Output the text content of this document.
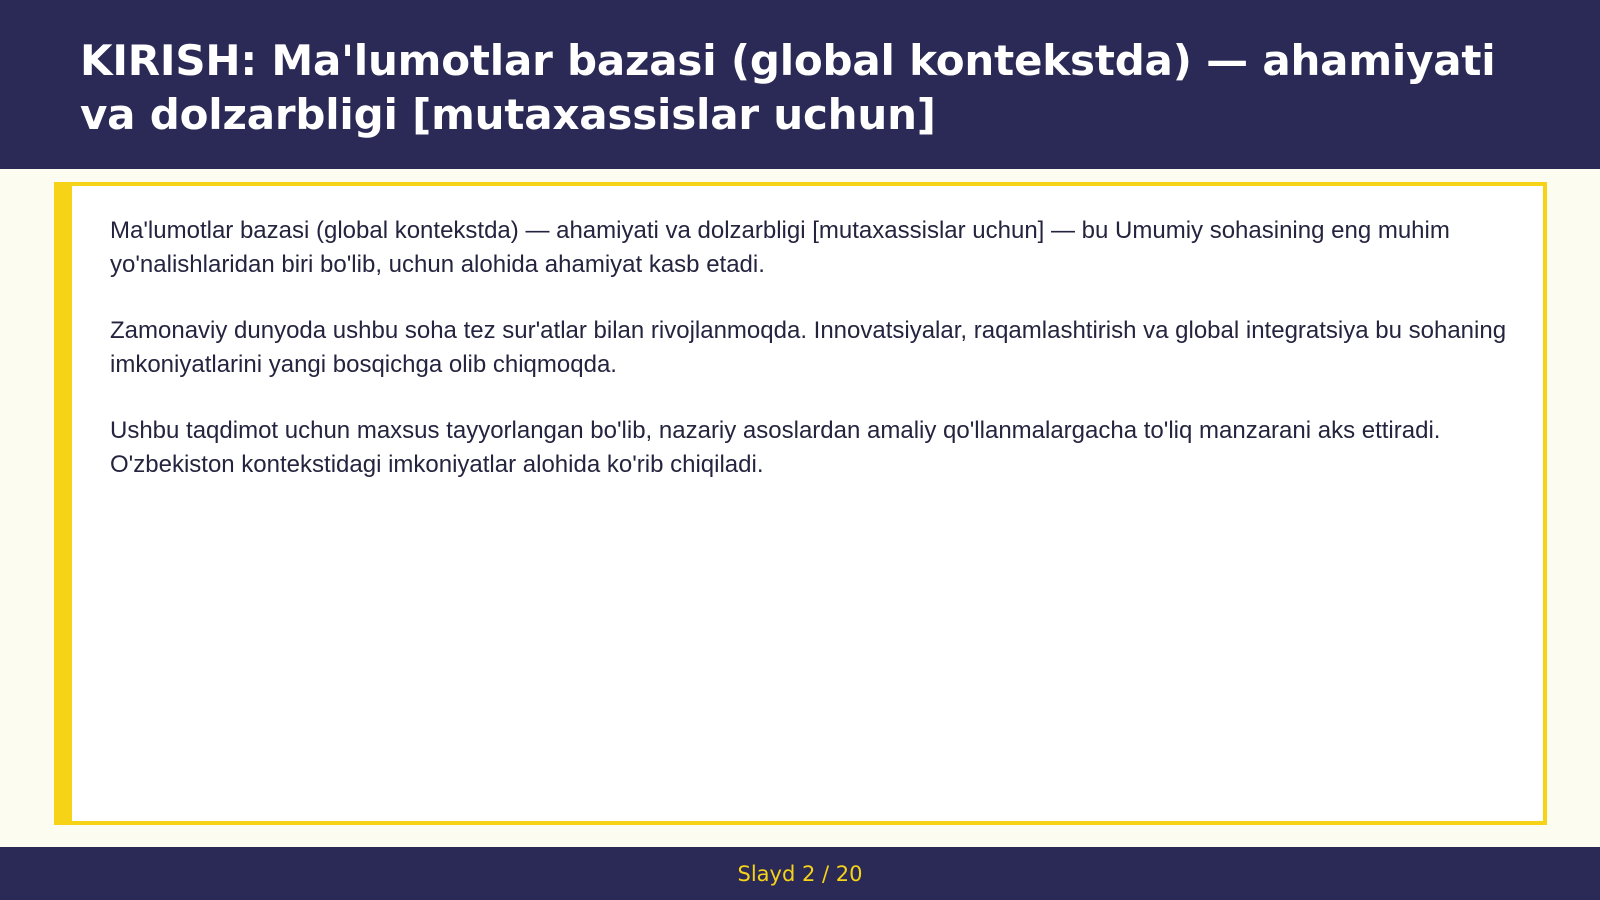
KIRISH: Ma'lumotlar bazasi (global kontekstda) — ahamiyati va dolzarbligi [mutaxassislar uchun]

Ma'lumotlar bazasi (global kontekstda) — ahamiyati va dolzarbligi [mutaxassislar uchun] — bu Umumiy sohasining eng muhim yo'nalishlaridan biri bo'lib, uchun alohida ahamiyat kasb etadi.

Zamonaviy dunyoda ushbu soha tez sur'atlar bilan rivojlanmoqda. Innovatsiyalar, raqamlashtirish va global integratsiya bu sohaning imkoniyatlarini yangi bosqichga olib chiqmoqda.

Ushbu taqdimot uchun maxsus tayyorlangan bo'lib, nazariy asoslardan amaliy qo'llanmalargacha to'liq manzarani aks ettiradi. O'zbekiston kontekstidagi imkoniyatlar alohida ko'rib chiqiladi.

Slayd 2 / 20
